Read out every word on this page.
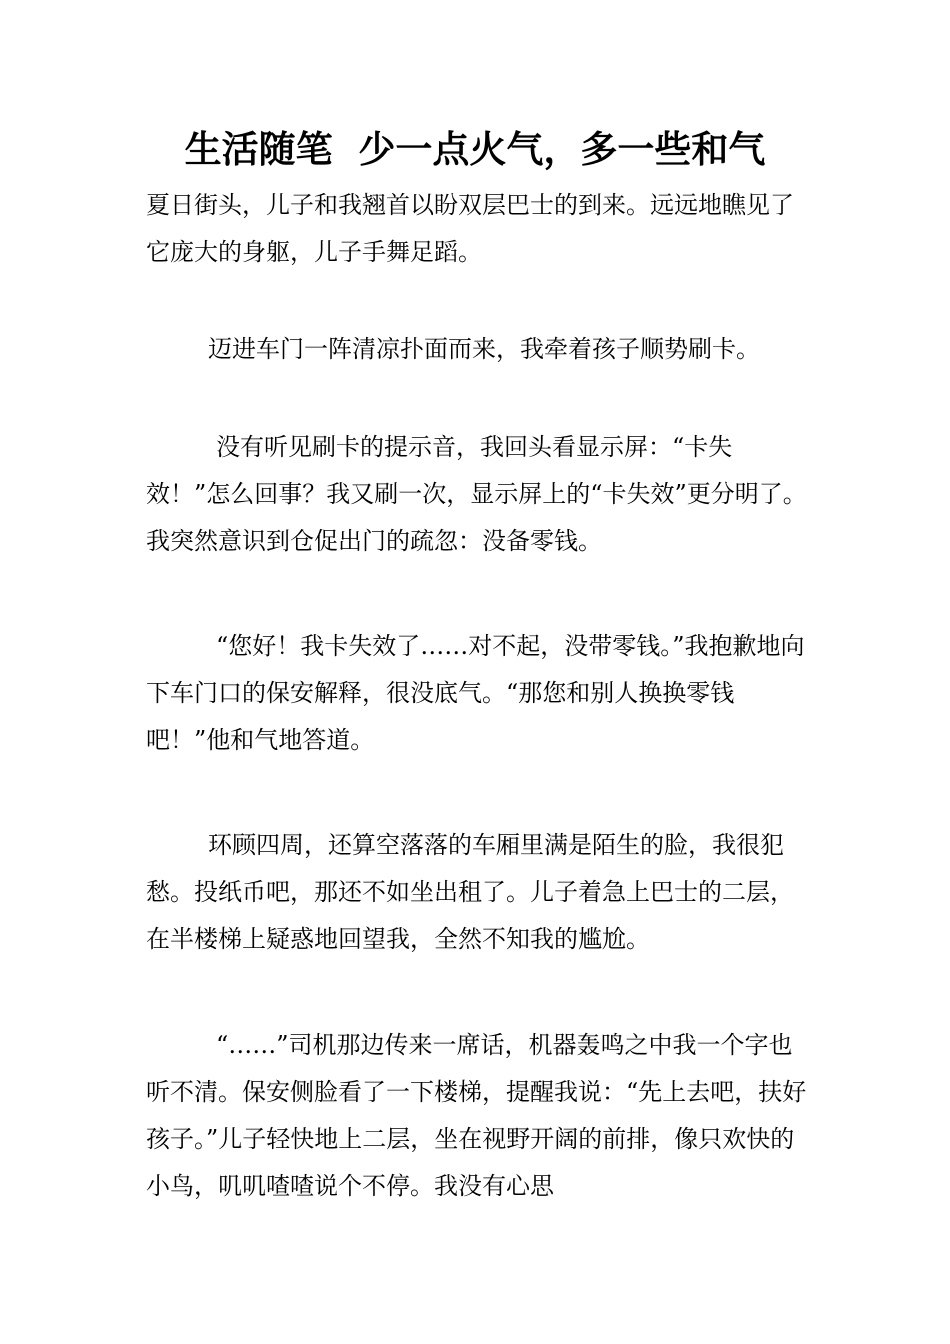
生活随笔  少一点火气，多一些和气

夏日街头，儿子和我翘首以盼双层巴士的到来。远远地瞧见了它庞大的身躯，儿子手舞足蹈。

迈进车门一阵清凉扑面而来，我牵着孩子顺势刷卡。

没有听见刷卡的提示音，我回头看显示屏：“卡失效！”怎么回事？我又刷一次，显示屏上的“卡失效”更分明了。我突然意识到仓促出门的疏忽：没备零钱。

“您好！我卡失效了……对不起，没带零钱。”我抱歉地向下车门口的保安解释，很没底气。“那您和别人换换零钱吧！”他和气地答道。

环顾四周，还算空落落的车厢里满是陌生的脸，我很犯愁。投纸币吧，那还不如坐出租了。儿子着急上巴士的二层，在半楼梯上疑惑地回望我，全然不知我的尴尬。

“……”司机那边传来一席话，机器轰鸣之中我一个字也听不清。保安侧脸看了一下楼梯，提醒我说：“先上去吧，扶好孩子。”儿子轻快地上二层，坐在视野开阔的前排，像只欢快的小鸟，叽叽喳喳说个不停。我没有心思
